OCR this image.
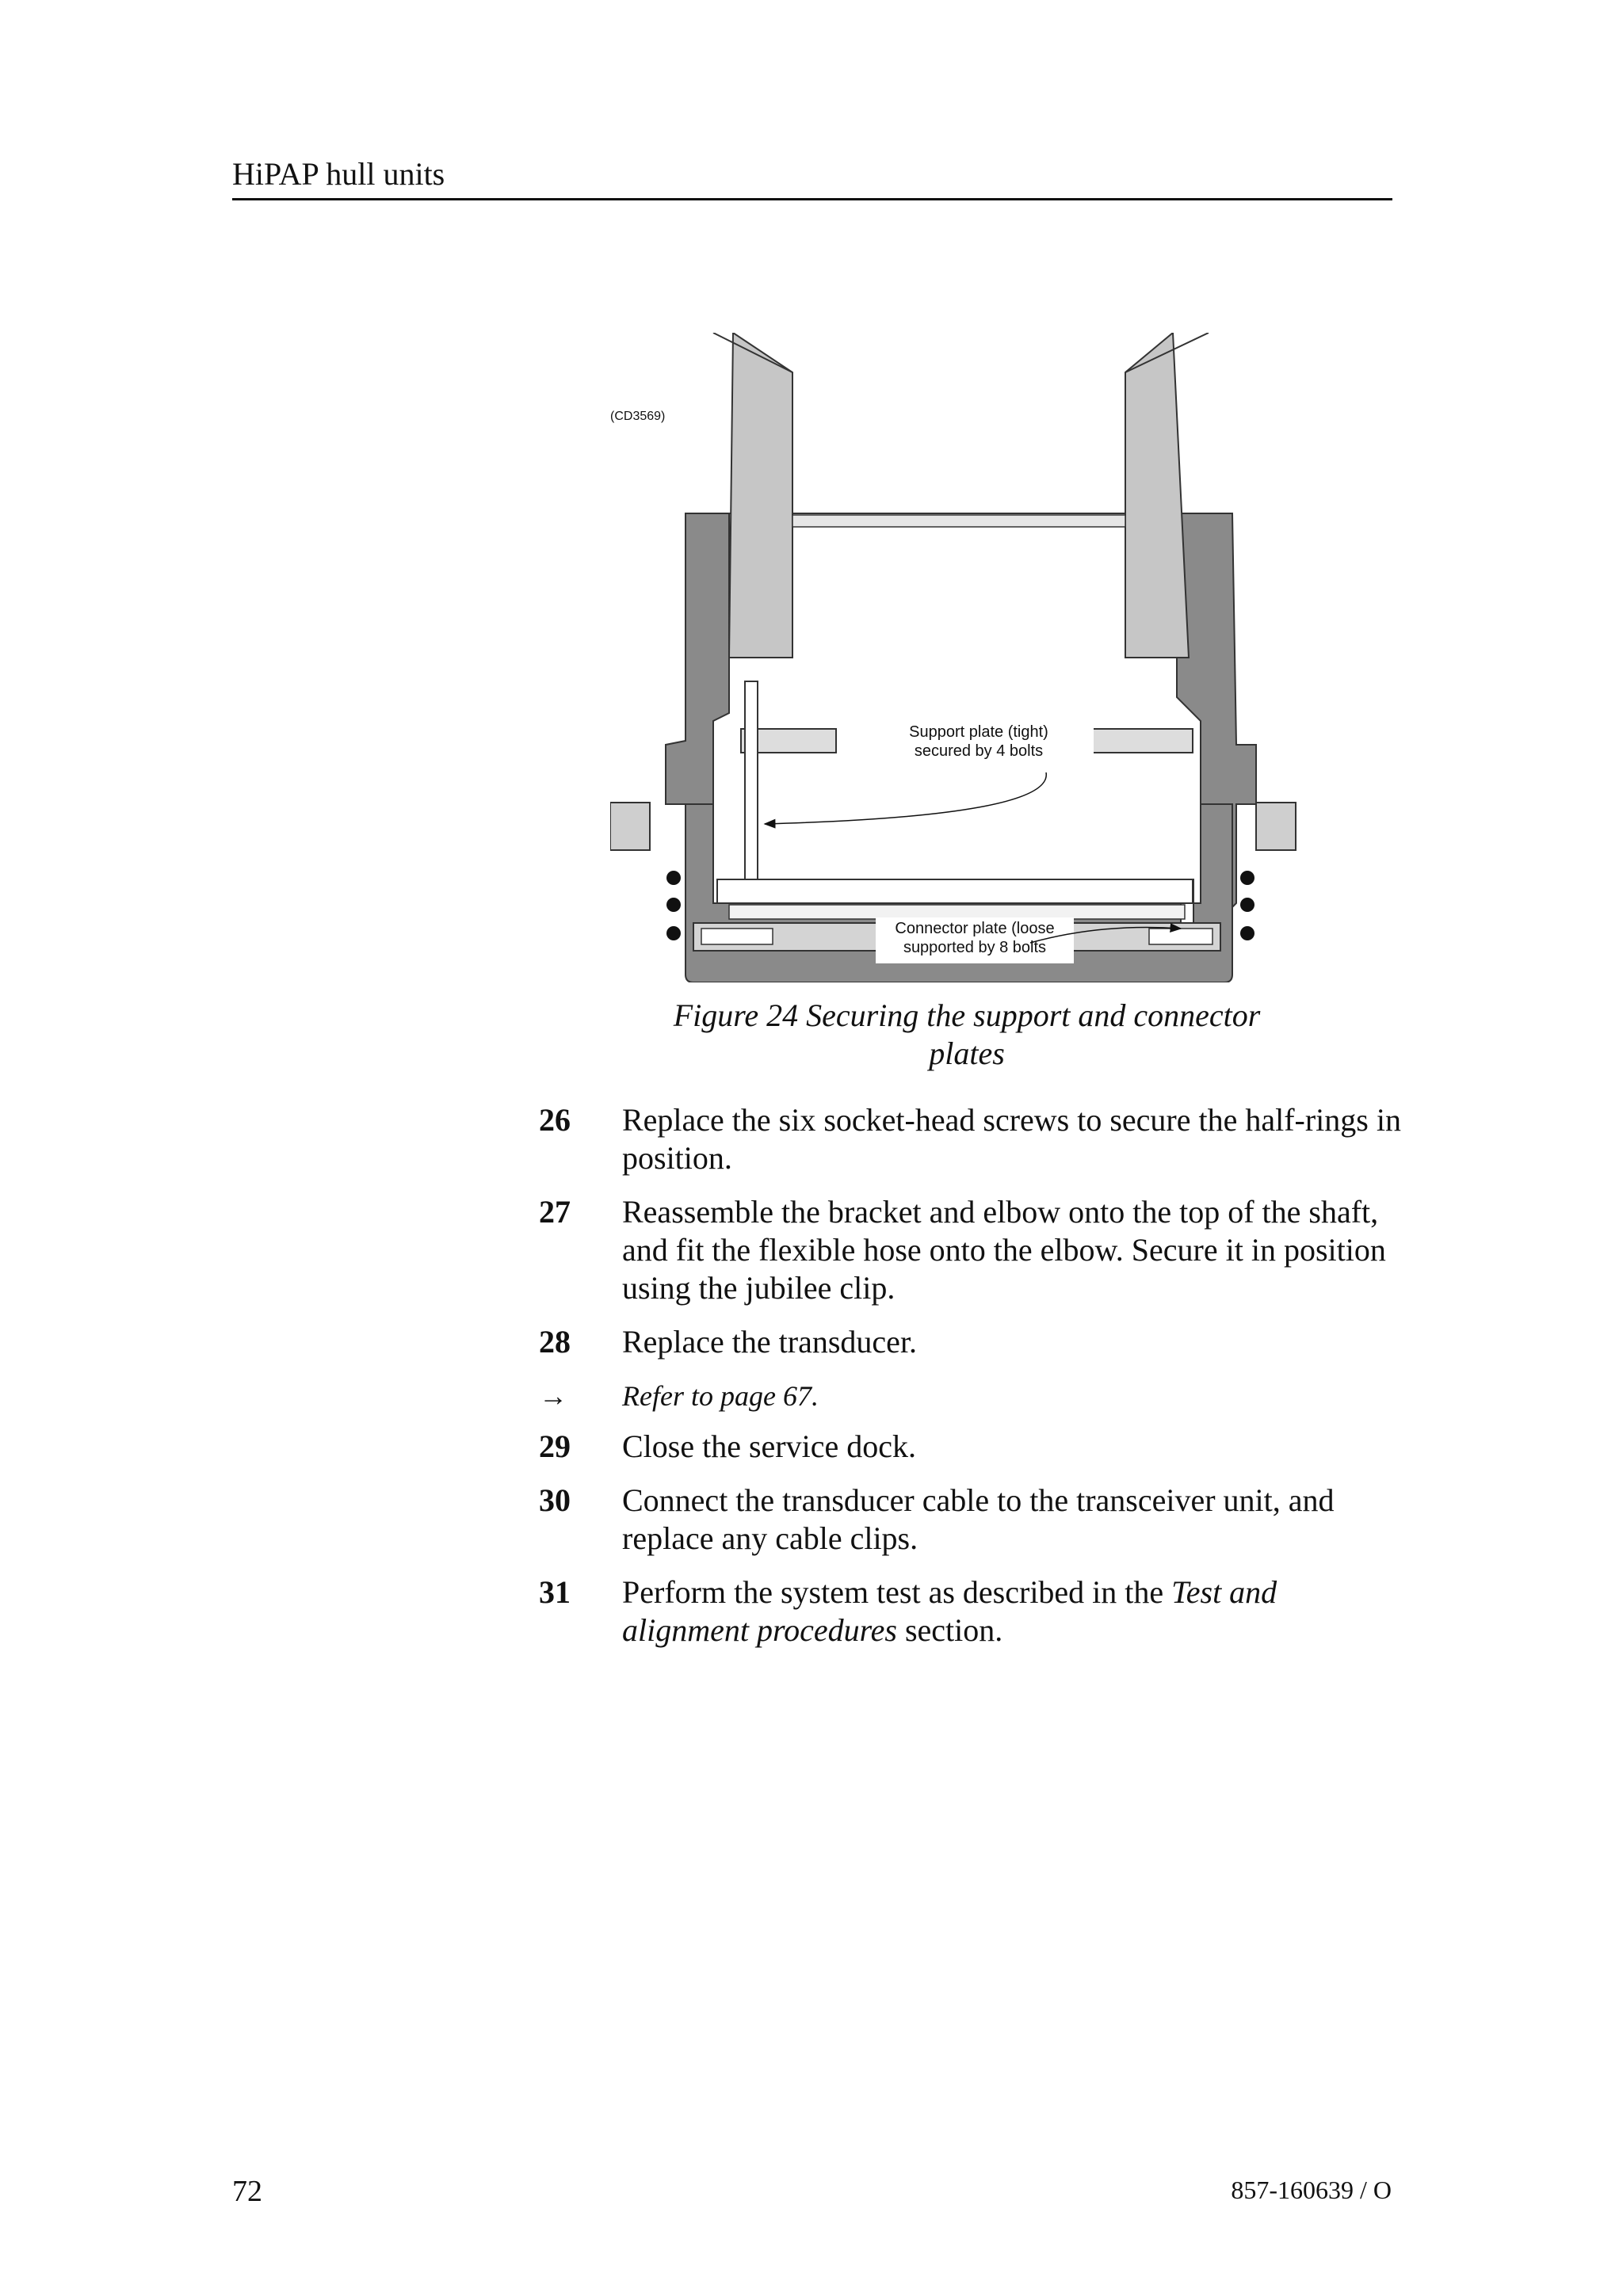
HiPAP hull units
(CD3569)
Support plate (tight)
secured by 4 bolts
Connector plate (loose
supported by 8 bolts
Figure 24 Securing the support and connector
plates
26	Replace the six socket-head screws to secure the half-rings in position.
27	Reassemble the bracket and elbow onto the top of the shaft, and fit the flexible hose onto the elbow. Secure it in position using the jubilee clip.
28	Replace the transducer.
→	Refer to page 67.
29	Close the service dock.
30	Connect the transducer cable to the transceiver unit, and replace any cable clips.
31	Perform the system test as described in the Test and alignment procedures section.
72	857-160639 / O
